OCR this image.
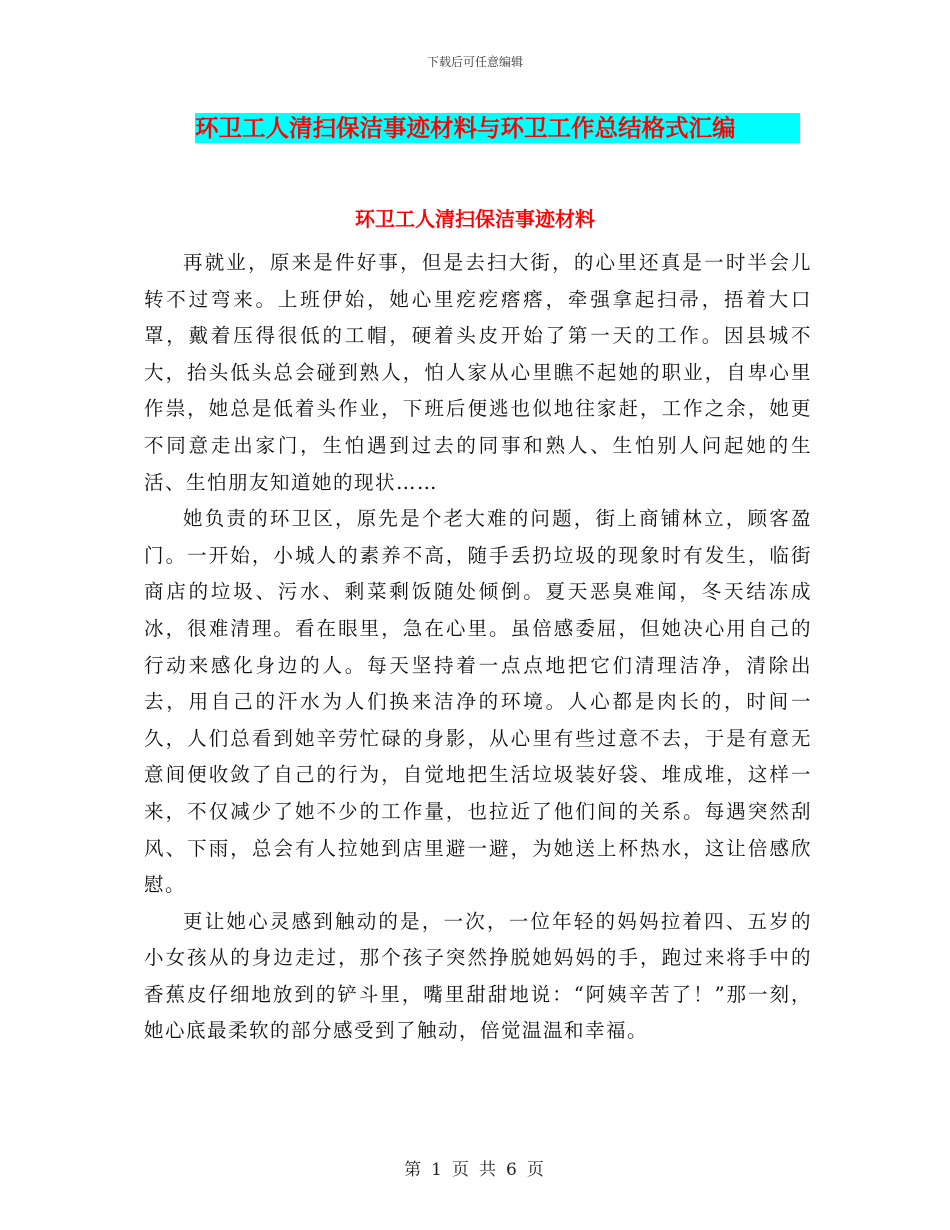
下载后可任意编辑
环卫工人清扫保洁事迹材料与环卫工作总结格式汇编
环卫工人清扫保洁事迹材料

再就业，原来是件好事，但是去扫大街，的心里还真是一时半会儿转不过弯来。上班伊始，她心里疙疙瘩瘩，牵强拿起扫帚，捂着大口罩，戴着压得很低的工帽，硬着头皮开始了第一天的工作。因县城不大，抬头低头总会碰到熟人，怕人家从心里瞧不起她的职业，自卑心里作祟，她总是低着头作业，下班后便逃也似地往家赶，工作之余，她更不同意走出家门，生怕遇到过去的同事和熟人、生怕别人问起她的生活、生怕朋友知道她的现状……

她负责的环卫区，原先是个老大难的问题，街上商铺林立，顾客盈门。一开始，小城人的素养不高，随手丢扔垃圾的现象时有发生，临街商店的垃圾、污水、剩菜剩饭随处倾倒。夏天恶臭难闻，冬天结冻成冰，很难清理。看在眼里，急在心里。虽倍感委屈，但她决心用自己的行动来感化身边的人。每天坚持着一点点地把它们清理洁净，清除出去，用自己的汗水为人们换来洁净的环境。人心都是肉长的，时间一久，人们总看到她辛劳忙碌的身影，从心里有些过意不去，于是有意无意间便收敛了自己的行为，自觉地把生活垃圾装好袋、堆成堆，这样一来，不仅减少了她不少的工作量，也拉近了他们间的关系。每遇突然刮风、下雨，总会有人拉她到店里避一避，为她送上杯热水，这让倍感欣慰。

更让她心灵感到触动的是，一次，一位年轻的妈妈拉着四、五岁的小女孩从的身边走过，那个孩子突然挣脱她妈妈的手，跑过来将手中的香蕉皮仔细地放到的铲斗里，嘴里甜甜地说：“阿姨辛苦了！”那一刻，她心底最柔软的部分感受到了触动，倍觉温温和幸福。

第 1 页 共 6 页
